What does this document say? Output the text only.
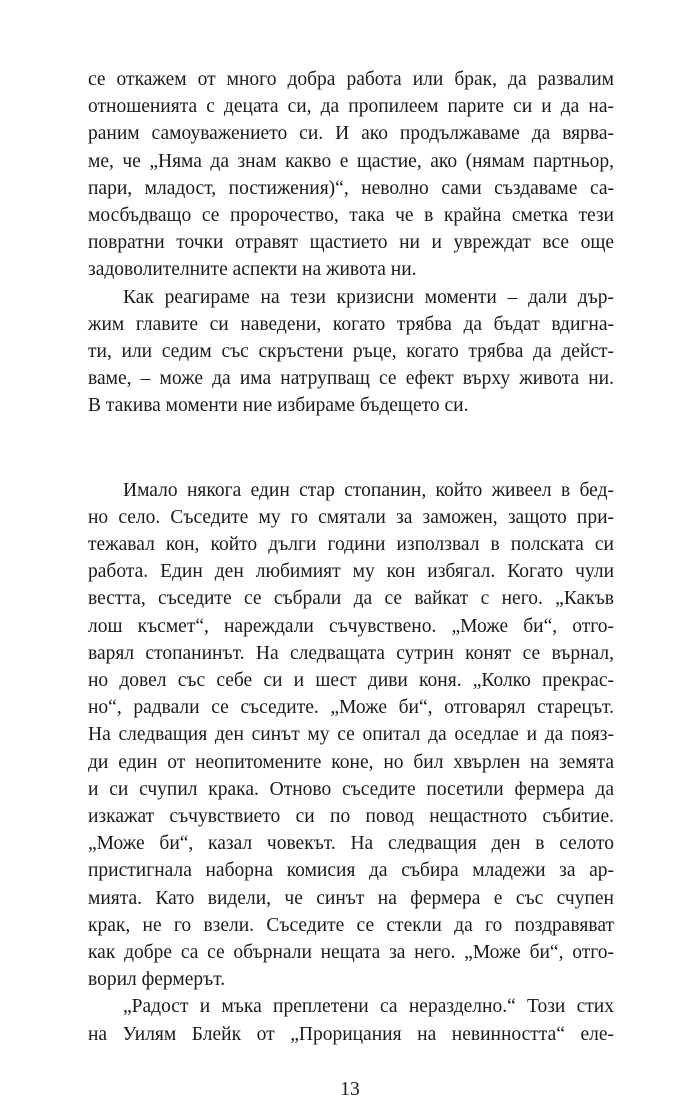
се откажем от много добра работа или брак, да развалим
отношенията с децата си, да пропилеем парите си и да на-
раним самоуважението си. И ако продължаваме да вярва-
ме, че „Няма да знам какво е щастие, ако (нямам партньор,
пари, младост, постижения)“, неволно сами създаваме са-
мосбъдващо се пророчество, така че в крайна сметка тези
повратни точки отравят щастието ни и увреждат все още
задоволителните аспекти на живота ни.
Как реагираме на тези кризисни моменти – дали дър-
жим главите си наведени, когато трябва да бъдат вдигна-
ти, или седим със скръстени ръце, когато трябва да дейст-
ваме, – може да има натрупващ се ефект върху живота ни.
В такива моменти ние избираме бъдещето си.
Имало някога един стар стопанин, който живеел в бед-
но село. Съседите му го смятали за заможен, защото при-
тежавал кон, който дълги години използвал в полската си
работа. Един ден любимият му кон избягал. Когато чули
вестта, съседите се събрали да се вайкат с него. „Какъв
лош късмет“, нареждали съчувствено. „Може би“, отго-
варял стопанинът. На следващата сутрин конят се върнал,
но довел със себе си и шест диви коня. „Колко прекрас-
но“, радвали се съседите. „Може би“, отговарял старецът.
На следващия ден синът му се опитал да оседлае и да пояз-
ди един от неопитомените коне, но бил хвърлен на земята
и си счупил крака. Отново съседите посетили фермера да
изкажат съчувствието си по повод нещастното събитие.
„Може би“, казал човекът. На следващия ден в селото
пристигнала наборна комисия да събира младежи за ар-
мията. Като видели, че синът на фермера е със счупен
крак, не го взели. Съседите се стекли да го поздравяват
как добре са се обърнали нещата за него. „Може би“, отго-
ворил фермерът.
„Радост и мъка преплетени са неразделно.“ Този стих
на Уилям Блейк от „Прорицания на невинността“ еле-
13
